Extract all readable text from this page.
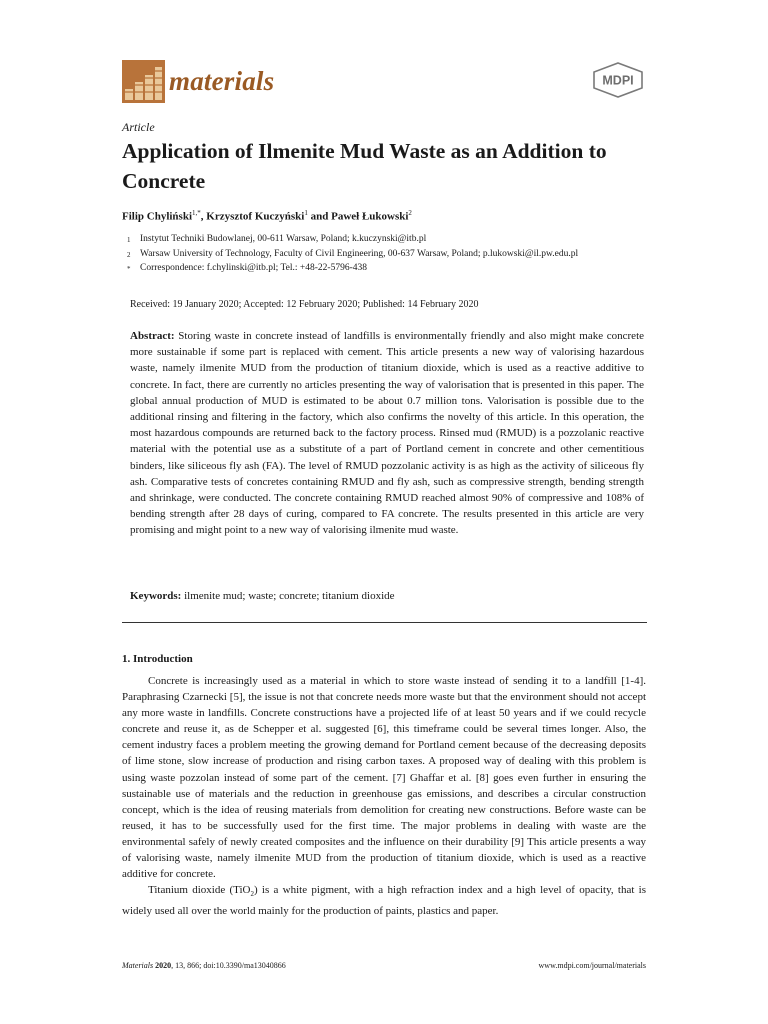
materials	MDPI
Article
Application of Ilmenite Mud Waste as an Addition to Concrete
Filip Chyliński$^{1,*}$, Krzysztof Kuczyński$^1$ and Paweł Łukowski$^2$
1	Instytut Techniki Budowlanej, 00-611 Warsaw, Poland; k.kuczynski@itb.pl
2	Warsaw University of Technology, Faculty of Civil Engineering, 00-637 Warsaw, Poland; p.lukowski@il.pw.edu.pl
*	Correspondence: f.chylinski@itb.pl; Tel.: +48-22-5796-438
Received: 19 January 2020; Accepted: 12 February 2020; Published: 14 February 2020

Abstract: Storing waste in concrete instead of landfills is environmentally friendly and also might make concrete more sustainable if some part is replaced with cement. This article presents a new way of valorising hazardous waste, namely ilmenite MUD from the production of titanium dioxide, which is used as a reactive additive to concrete. In fact, there are currently no articles presenting the way of valorisation that is presented in this paper. The global annual production of MUD is estimated to be about 0.7 million tons. Valorisation is possible due to the additional rinsing and filtering in the factory, which also confirms the novelty of this article. In this operation, the most hazardous compounds are returned back to the factory process. Rinsed mud (RMUD) is a pozzolanic reactive material with the potential use as a substitute of a part of Portland cement in concrete and other cementitious binders, like siliceous fly ash (FA). The level of RMUD pozzolanic activity is as high as the activity of siliceous fly ash. Comparative tests of concretes containing RMUD and fly ash, such as compressive strength, bending strength and shrinkage, were conducted. The concrete containing RMUD reached almost 90% of compressive and 108% of bending strength after 28 days of curing, compared to FA concrete. The results presented in this article are very promising and might point to a new way of valorising ilmenite mud waste.

Keywords: ilmenite mud; waste; concrete; titanium dioxide
1. Introduction

Concrete is increasingly used as a material in which to store waste instead of sending it to a landfill [1-4]. Paraphrasing Czarnecki [5], the issue is not that concrete needs more waste but that the environment should not accept any more waste in landfills. Concrete constructions have a projected life of at least 50 years and if we could recycle concrete and reuse it, as de Schepper et al. suggested [6], this timeframe could be several times longer. Also, the cement industry faces a problem meeting the growing demand for Portland cement because of the decreasing deposits of lime stone, slow increase of production and rising carbon taxes. A proposed way of dealing with this problem is using waste pozzolan instead of some part of the cement. [7] Ghaffar et al. [8] goes even further in ensuring the sustainable use of materials and the reduction in greenhouse gas emissions, and describes a circular construction concept, which is the idea of reusing materials from demolition for creating new constructions. Before waste can be reused, it has to be successfully used for the first time. The major problems in dealing with waste are the environmental safely of newly created composites and the influence on their durability [9] This article presents a way of valorising waste, namely ilmenite MUD from the production of titanium dioxide, which is used as a reactive additive for concrete.

Titanium dioxide (TiO$_2$) is a white pigment, with a high refraction index and a high level of opacity, that is widely used all over the world mainly for the production of paints, plastics and paper.

Materials 2020, 13, 866; doi:10.3390/ma13040866	www.mdpi.com/journal/materials
